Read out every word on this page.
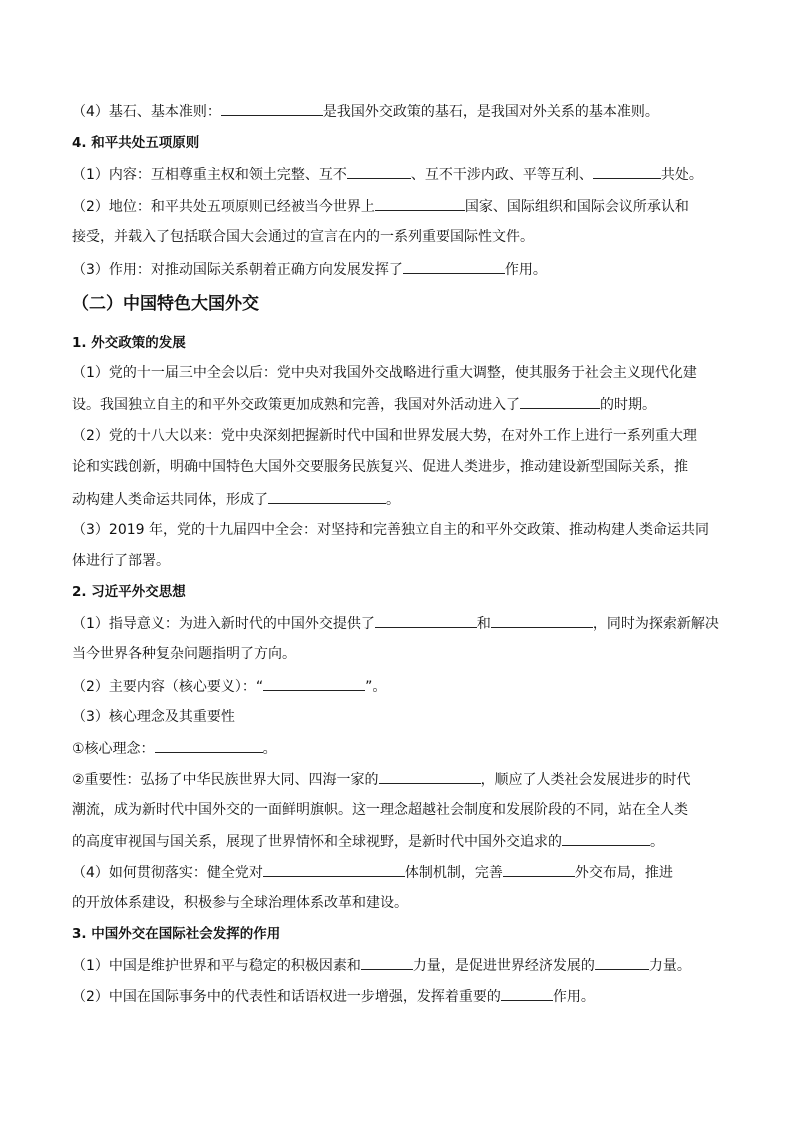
（4）基石、基本准则：	是我国外交政策的基石，是我国对外关系的基本准则。
4. 和平共处五项原则
（1）内容：互相尊重主权和领土完整、互不	、互不干涉内政、平等互利、	共处。
（2）地位：和平共处五项原则已经被当今世界上	国家、国际组织和国际会议所承认和
接受，并载入了包括联合国大会通过的宣言在内的一系列重要国际性文件。
（3）作用：对推动国际关系朝着正确方向发展发挥了	作用。
（二）中国特色大国外交
1. 外交政策的发展
（1）党的十一届三中全会以后：党中央对我国外交战略进行重大调整，使其服务于社会主义现代化建
设。我国独立自主的和平外交政策更加成熟和完善，我国对外活动进入了	的时期。
（2）党的十八大以来：党中央深刻把握新时代中国和世界发展大势，在对外工作上进行一系列重大理
论和实践创新，明确中国特色大国外交要服务民族复兴、促进人类进步，推动建设新型国际关系，推
动构建人类命运共同体，形成了	。
（3）2019 年，党的十九届四中全会：对坚持和完善独立自主的和平外交政策、推动构建人类命运共同
体进行了部署。
2. 习近平外交思想
（1）指导意义：为进入新时代的中国外交提供了	和	，同时为探索新解决
当今世界各种复杂问题指明了方向。
（2）主要内容（核心要义）：“	”。
（3）核心理念及其重要性
①核心理念：	。
②重要性：弘扬了中华民族世界大同、四海一家的	，顺应了人类社会发展进步的时代
潮流，成为新时代中国外交的一面鲜明旗帜。这一理念超越社会制度和发展阶段的不同，站在全人类
的高度审视国与国关系，展现了世界情怀和全球视野，是新时代中国外交追求的	。
（4）如何贯彻落实：健全党对	体制机制，完善	外交布局，推进
的开放体系建设，积极参与全球治理体系改革和建设。
3. 中国外交在国际社会发挥的作用
（1）中国是维护世界和平与稳定的积极因素和	力量，是促进世界经济发展的	力量。
（2）中国在国际事务中的代表性和话语权进一步增强，发挥着重要的	作用。
